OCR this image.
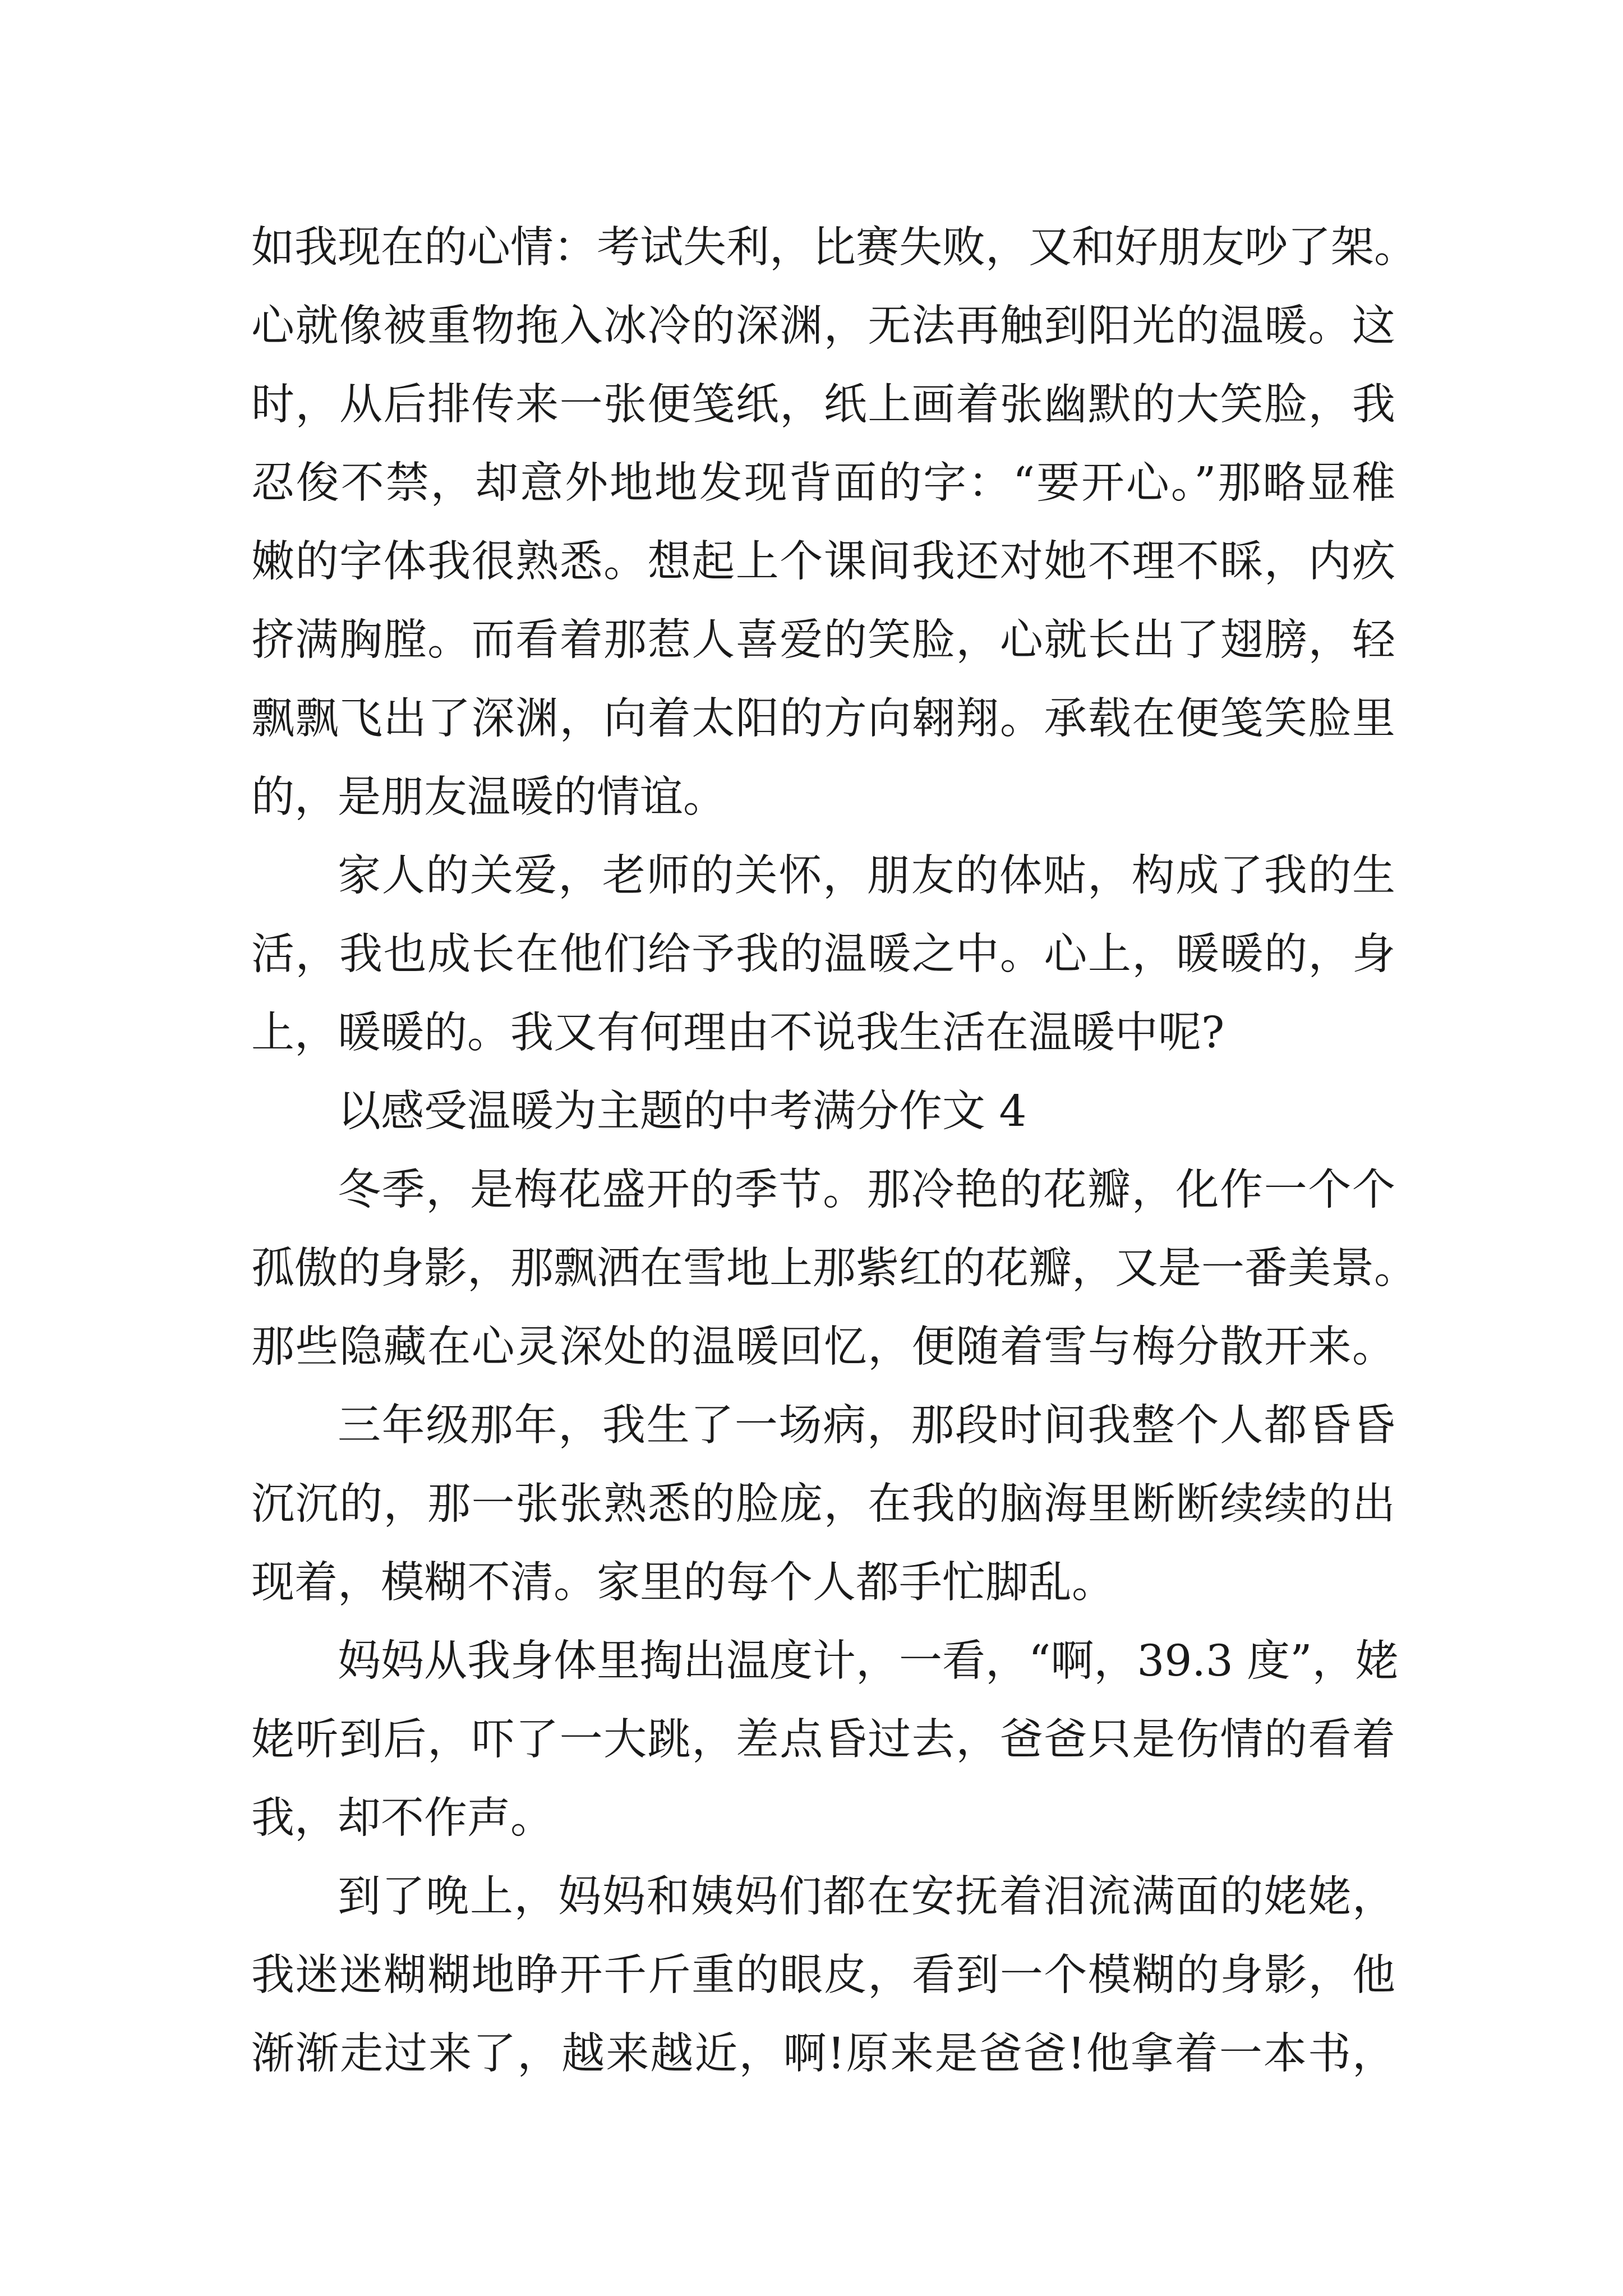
如我现在的心情：考试失利，比赛失败，又和好朋友吵了架。
心就像被重物拖入冰冷的深渊，无法再触到阳光的温暖。这
时，从后排传来一张便笺纸，纸上画着张幽默的大笑脸，我
忍俊不禁，却意外地地发现背面的字：“要开心。”那略显稚
嫩的字体我很熟悉。想起上个课间我还对她不理不睬，内疚
挤满胸膛。而看着那惹人喜爱的笑脸，心就长出了翅膀，轻
飘飘飞出了深渊，向着太阳的方向翱翔。承载在便笺笑脸里
的，是朋友温暖的情谊。
家人的关爱，老师的关怀，朋友的体贴，构成了我的生
活，我也成长在他们给予我的温暖之中。心上，暖暖的，身
上，暖暖的。我又有何理由不说我生活在温暖中呢?
以感受温暖为主题的中考满分作文 4
冬季，是梅花盛开的季节。那冷艳的花瓣，化作一个个
孤傲的身影，那飘洒在雪地上那紫红的花瓣，又是一番美景。
那些隐藏在心灵深处的温暖回忆，便随着雪与梅分散开来。
三年级那年，我生了一场病，那段时间我整个人都昏昏
沉沉的，那一张张熟悉的脸庞，在我的脑海里断断续续的出
现着，模糊不清。家里的每个人都手忙脚乱。
妈妈从我身体里掏出温度计，一看，“啊，39.3 度”，姥
姥听到后，吓了一大跳，差点昏过去，爸爸只是伤情的看着
我，却不作声。
到了晚上，妈妈和姨妈们都在安抚着泪流满面的姥姥，
我迷迷糊糊地睁开千斤重的眼皮，看到一个模糊的身影，他
渐渐走过来了，越来越近，啊!原来是爸爸!他拿着一本书，
